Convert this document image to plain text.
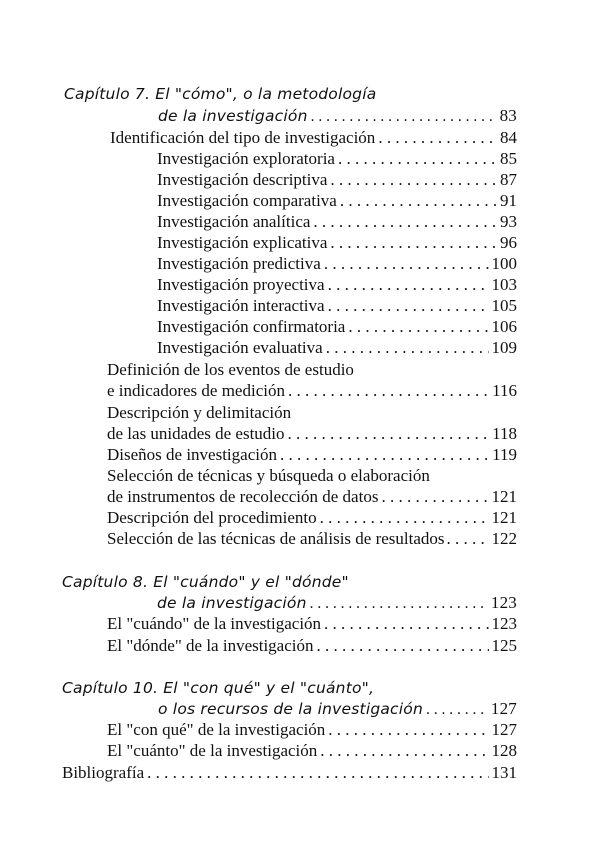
Capítulo 7. El "cómo", o la metodología
de la investigación . . .	83
Identificación del tipo de investigación . . .	84
Investigación exploratoria . . .	85
Investigación descriptiva . . .	87
Investigación comparativa . . .	91
Investigación analítica . . .	93
Investigación explicativa . . .	96
Investigación predictiva . . .	100
Investigación proyectiva . . .	103
Investigación interactiva . . .	105
Investigación confirmatoria . . .	106
Investigación evaluativa . . .	109
Definición de los eventos de estudio
e indicadores de medición . . .	116
Descripción y delimitación
de las unidades de estudio . . .	118
Diseños de investigación . . .	119
Selección de técnicas y búsqueda o elaboración
de instrumentos de recolección de datos . . .	121
Descripción del procedimiento . . .	121
Selección de las técnicas de análisis de resultados . . .	122
Capítulo 8. El "cuándo" y el "dónde"
de la investigación . . .	123
El "cuándo" de la investigación . . .	123
El "dónde" de la investigación . . .	125
Capítulo 10. El "con qué" y el "cuánto",
o los recursos de la investigación . . .	127
El "con qué" de la investigación . . .	127
El "cuánto" de la investigación . . .	128
Bibliografía . . .	131
